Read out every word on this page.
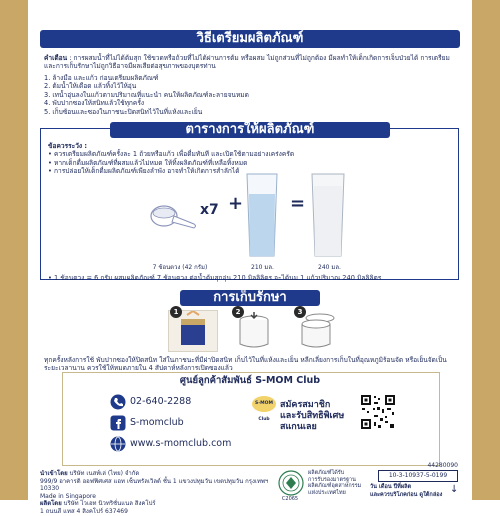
วิธีเตรียมผลิตภัณฑ์
คำเตือน : การผสมน้ำที่ไม่ได้ต้มสุก ใช้ขวดหรือถ้วยที่ไม่ได้ผ่านการต้ม หรือผสม ไม่ถูกส่วนที่ไม่ถูกต้อง มีผลทำให้เด็กเกิดการเจ็บป่วยได้ การเตรียมและการเก็บรักษาไม่ถูกวิธีอาจมีผลเสียต่อสุขภาพของบุตรท่าน
1. ล้างมือ และแก้ว ก่อนเตรียมผลิตภัณฑ์
2. ต้มน้ำให้เดือด แล้วทิ้งไว้ให้อุ่น
3. เทน้ำอุ่นลงในแก้วตามปริมาณที่แนะนำ คนให้ผลิตภัณฑ์ละลายจนหมด
4. พับปากซองให้สนิทแล้วใช้ทุกครั้ง
5. เก็บซ้อนและซองในภาชนะปิดสนิทไว้ในที่แห้งและเย็น
ตารางการให้ผลิตภัณฑ์
ข้อควรระวัง :
• ควรเตรียมผลิตภัณฑ์ครั้งละ 1 ถ้วยหรือแก้ว เพื่อดื่มทันที และเปิดใช้ตามอย่างเคร่งครัด
• หากเด็กดื่มผลิตภัณฑ์ที่ผสมแล้วไม่หมด ให้ทิ้งผลิตภัณฑ์ที่เหลือทิ้งหมด
• การปล่อยให้เด็กดื่มผลิตภัณฑ์เพียงลำพัง อาจทำให้เกิดการสำลักได้
x7 +	=
7 ช้อนตวง (42 กรัม)	210 มล.	240 มล.
• 1 ช้อนตวง = 6 กรัม ผสมผลิตภัณฑ์ 7 ช้อนตวง ต่อน้ำต้มสุกอุ่น 210 มิลลิลิตร จะได้นม 1 แก้วปริมาณ 240 มิลลิลิตร
การเก็บรักษา
1	2	3
ทุกครั้งหลังการใช้ พับปากซองให้ปิดสนิท ใส่ในภาชนะที่มีฝาปิดสนิท เก็บไว้ในที่แห้งและเย็น หลีกเลี่ยงการเก็บในที่อุณหภูมิร้อนจัด หรือเย็นจัดเป็นระยะเวลานาน ควรใช้ให้หมดภายใน 4 สัปดาห์หลังการเปิดซองแล้ว
ศูนย์ลูกค้าสัมพันธ์ S-MOM Club
02-640-2288
S-momclub
www.s-momclub.com
S-MOM Club
สมัครสมาชิก
และรับสิทธิพิเศษ
สแกนเลย
นำเข้าโดย บริษัท เนสท์เล่ (ไทย) จำกัด
999/9 อาคารดิ ออฟฟิศเศส แอท เซ็นทรัลเวิลด์ ชั้น 1 แขวงปทุมวัน เขตปทุมวัน กรุงเทพฯ 10330
Made in Singapore
ผลิตโดย บริษัท ไวเอท นิวทริชั่นแนล สิงคโปร์
1 ถนนสี แทส 4 สิงคโปร์ 637469
C2065
ผลิตภัณฑ์ได้รับ
การรับรองมาตรฐาน
ผลิตภัณฑ์อุตสาหกรรม
แห่งประเทศไทย
44280090
10-3-10937-5-0199
วัน เดือน ปีที่ผลิต
และควรบริโภคก่อน ดูใต้กล่อง ↓
